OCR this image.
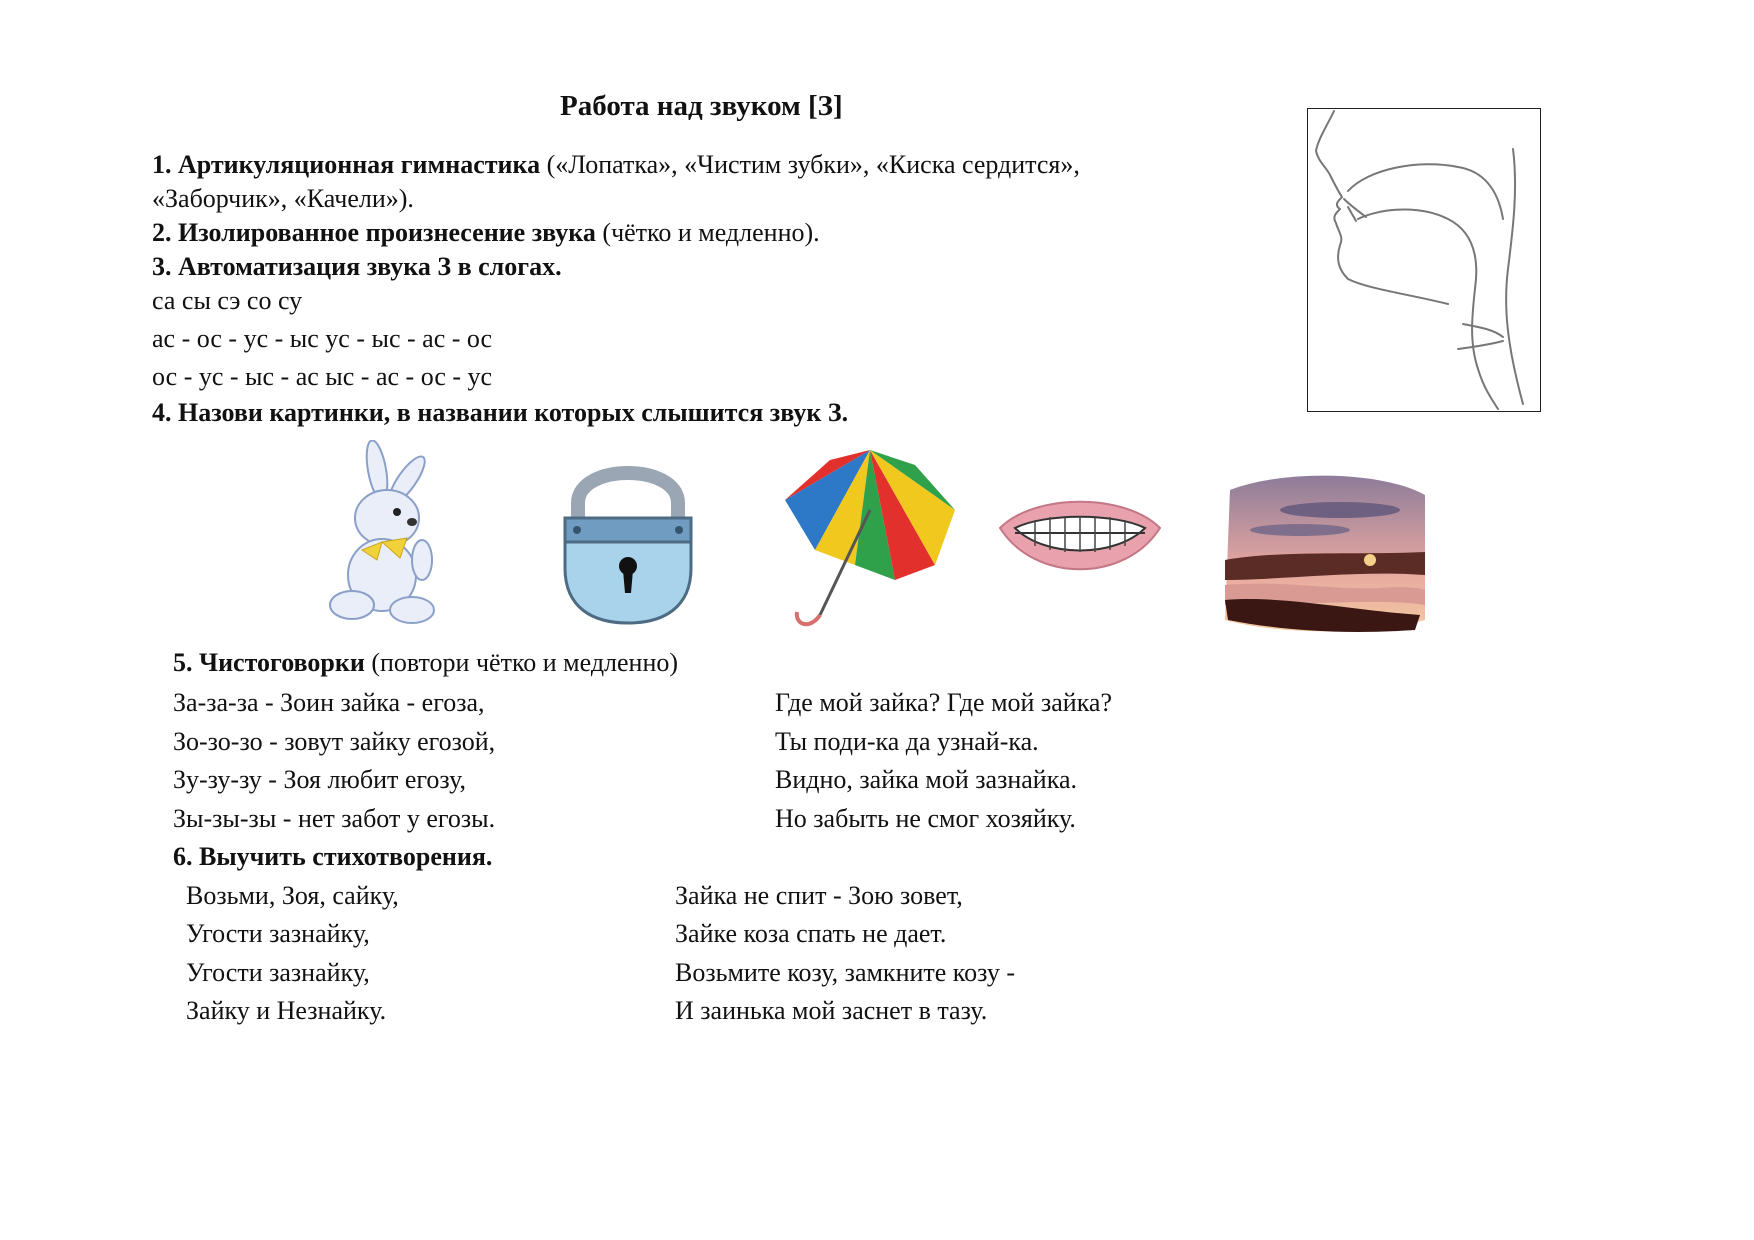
Работа над звуком [З]
1. Артикуляционная гимнастика («Лопатка», «Чистим зубки», «Киска сердится»,
«Заборчик», «Качели»).
2. Изолированное произнесение звука (чётко и медленно).
3. Автоматизация звука З в слогах.
са сы сэ со су
ас - ос - ус - ыс ус - ыс - ас - ос
ос - ус - ыс - ас ыс - ас - ос - ус
4. Назови картинки, в названии которых слышится звук З.
5. Чистоговорки (повтори чётко и медленно)
За-за-за - Зоин зайка - егоза,
Зо-зо-зо - зовут зайку егозой,
Зу-зу-зу - Зоя любит егозу,
Зы-зы-зы - нет забот у егозы.
Где мой зайка? Где мой зайка?
Ты поди-ка да узнай-ка.
Видно, зайка мой зазнайка.
Но забыть не смог хозяйку.
6. Выучить стихотворения.
Возьми, Зоя, сайку,
Угости зазнайку,
Угости зазнайку,
Зайку и Незнайку.
Зайка не спит - Зою зовет,
Зайке коза спать не дает.
Возьмите козу, замкните козу -
И заинька мой заснет в тазу.
